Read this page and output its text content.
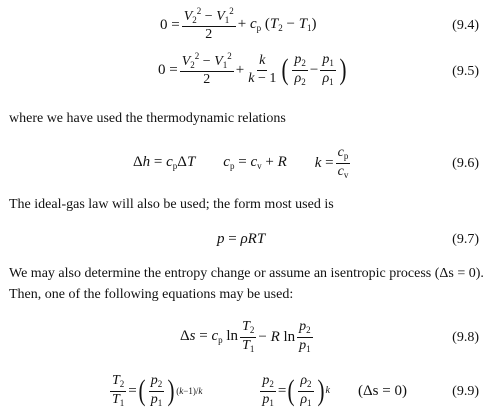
$0 = \frac{V_2^2 - V_1^2}{2} + c_p$ $(T_2 - T_1)$	(9.4)
$0 = \frac{V_2^2 - V_1^2}{2} + \frac{k}{k - 1}$ ( $\frac{p_2}{\rho_2} - \frac{p_1}{\rho_1}$ )	(9.5)
where we have used the thermodynamic relations
$\Delta h = c_p\Delta T$ $c_p = c_v + R$ $k = \frac{c_p}{c_v}$	(9.6)
The ideal-gas law will also be used; the form most used is
p = ρRT	(9.7)
We may also determine the entropy change or assume an isentropic process (Δs = 0).
Then, one of the following equations may be used:
$\Delta s = c_p$ $\ln \frac{T_2}{T_1} - R$ $\ln \frac{p_2}{p_1}$	(9.8)
$\frac{T_2}{T_1}$ = ( $\frac{p_2}{p_1}$ ) (k−1)/k	$\frac{p_2}{p_1}$ = ( $\frac{\rho_2}{\rho_1}$ ) k (Δs = 0)	(9.9)
